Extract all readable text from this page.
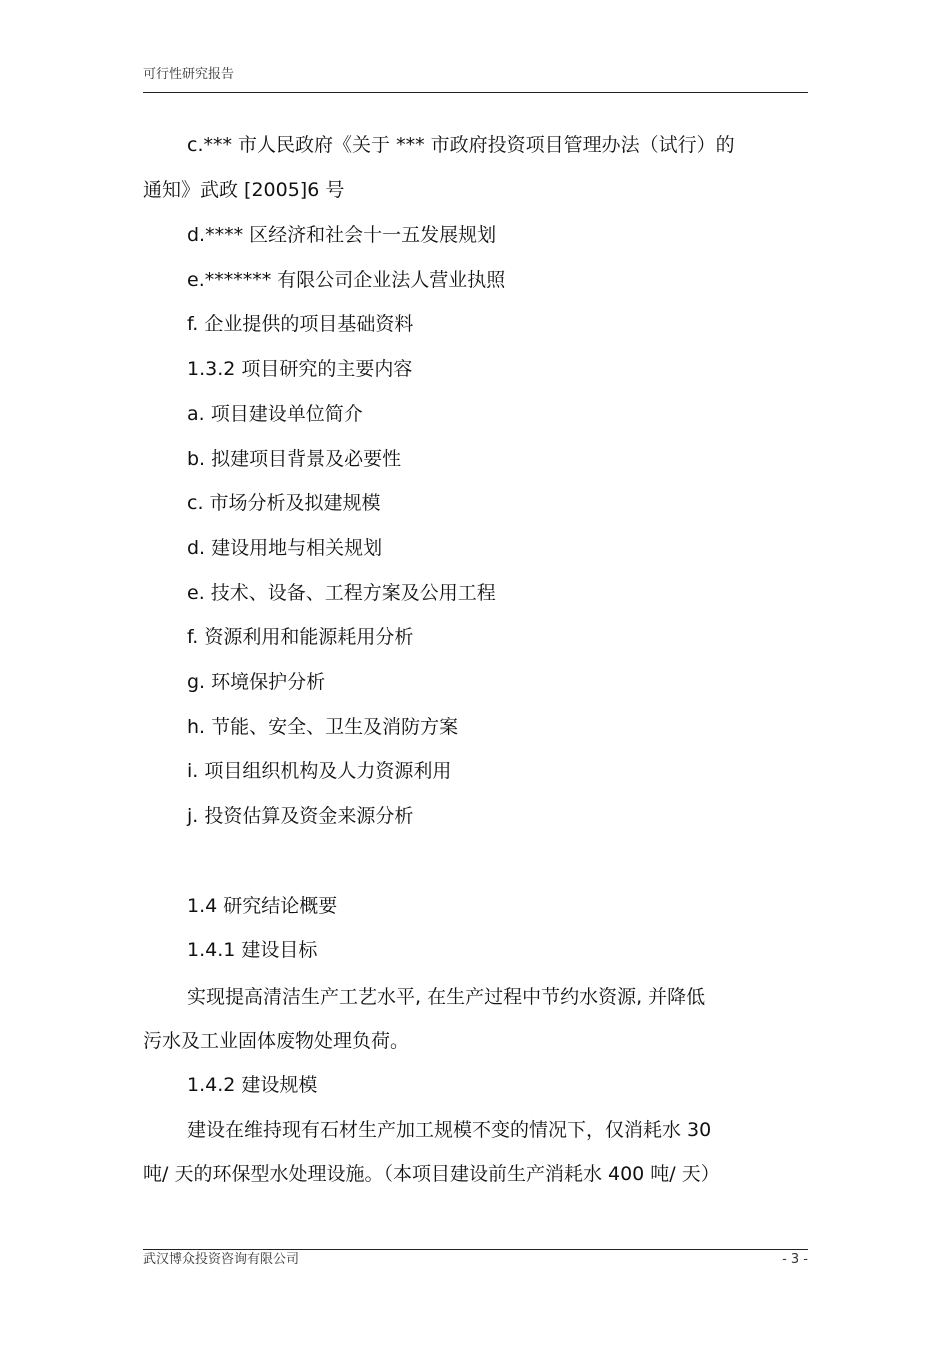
可行性研究报告
c.*** 市人民政府《关于 *** 市政府投资项目管理办法（试行）的
通知》武政 [2005]6 号
d.**** 区经济和社会十一五发展规划
e.******* 有限公司企业法人营业执照
f. 企业提供的项目基础资料
1.3.2 项目研究的主要内容
a. 项目建设单位简介
b. 拟建项目背景及必要性
c. 市场分析及拟建规模
d. 建设用地与相关规划
e. 技术、设备、工程方案及公用工程
f. 资源利用和能源耗用分析
g. 环境保护分析
h. 节能、安全、卫生及消防方案
i. 项目组织机构及人力资源利用
j. 投资估算及资金来源分析
1.4 研究结论概要
1.4.1 建设目标
实现提高清洁生产工艺水平, 在生产过程中节约水资源, 并降低
污水及工业固体废物处理负荷。
1.4.2 建设规模
建设在维持现有石材生产加工规模不变的情况下，仅消耗水 30
吨/ 天的环保型水处理设施。（本项目建设前生产消耗水 400 吨/ 天）
武汉博众投资咨询有限公司	- 3 -
